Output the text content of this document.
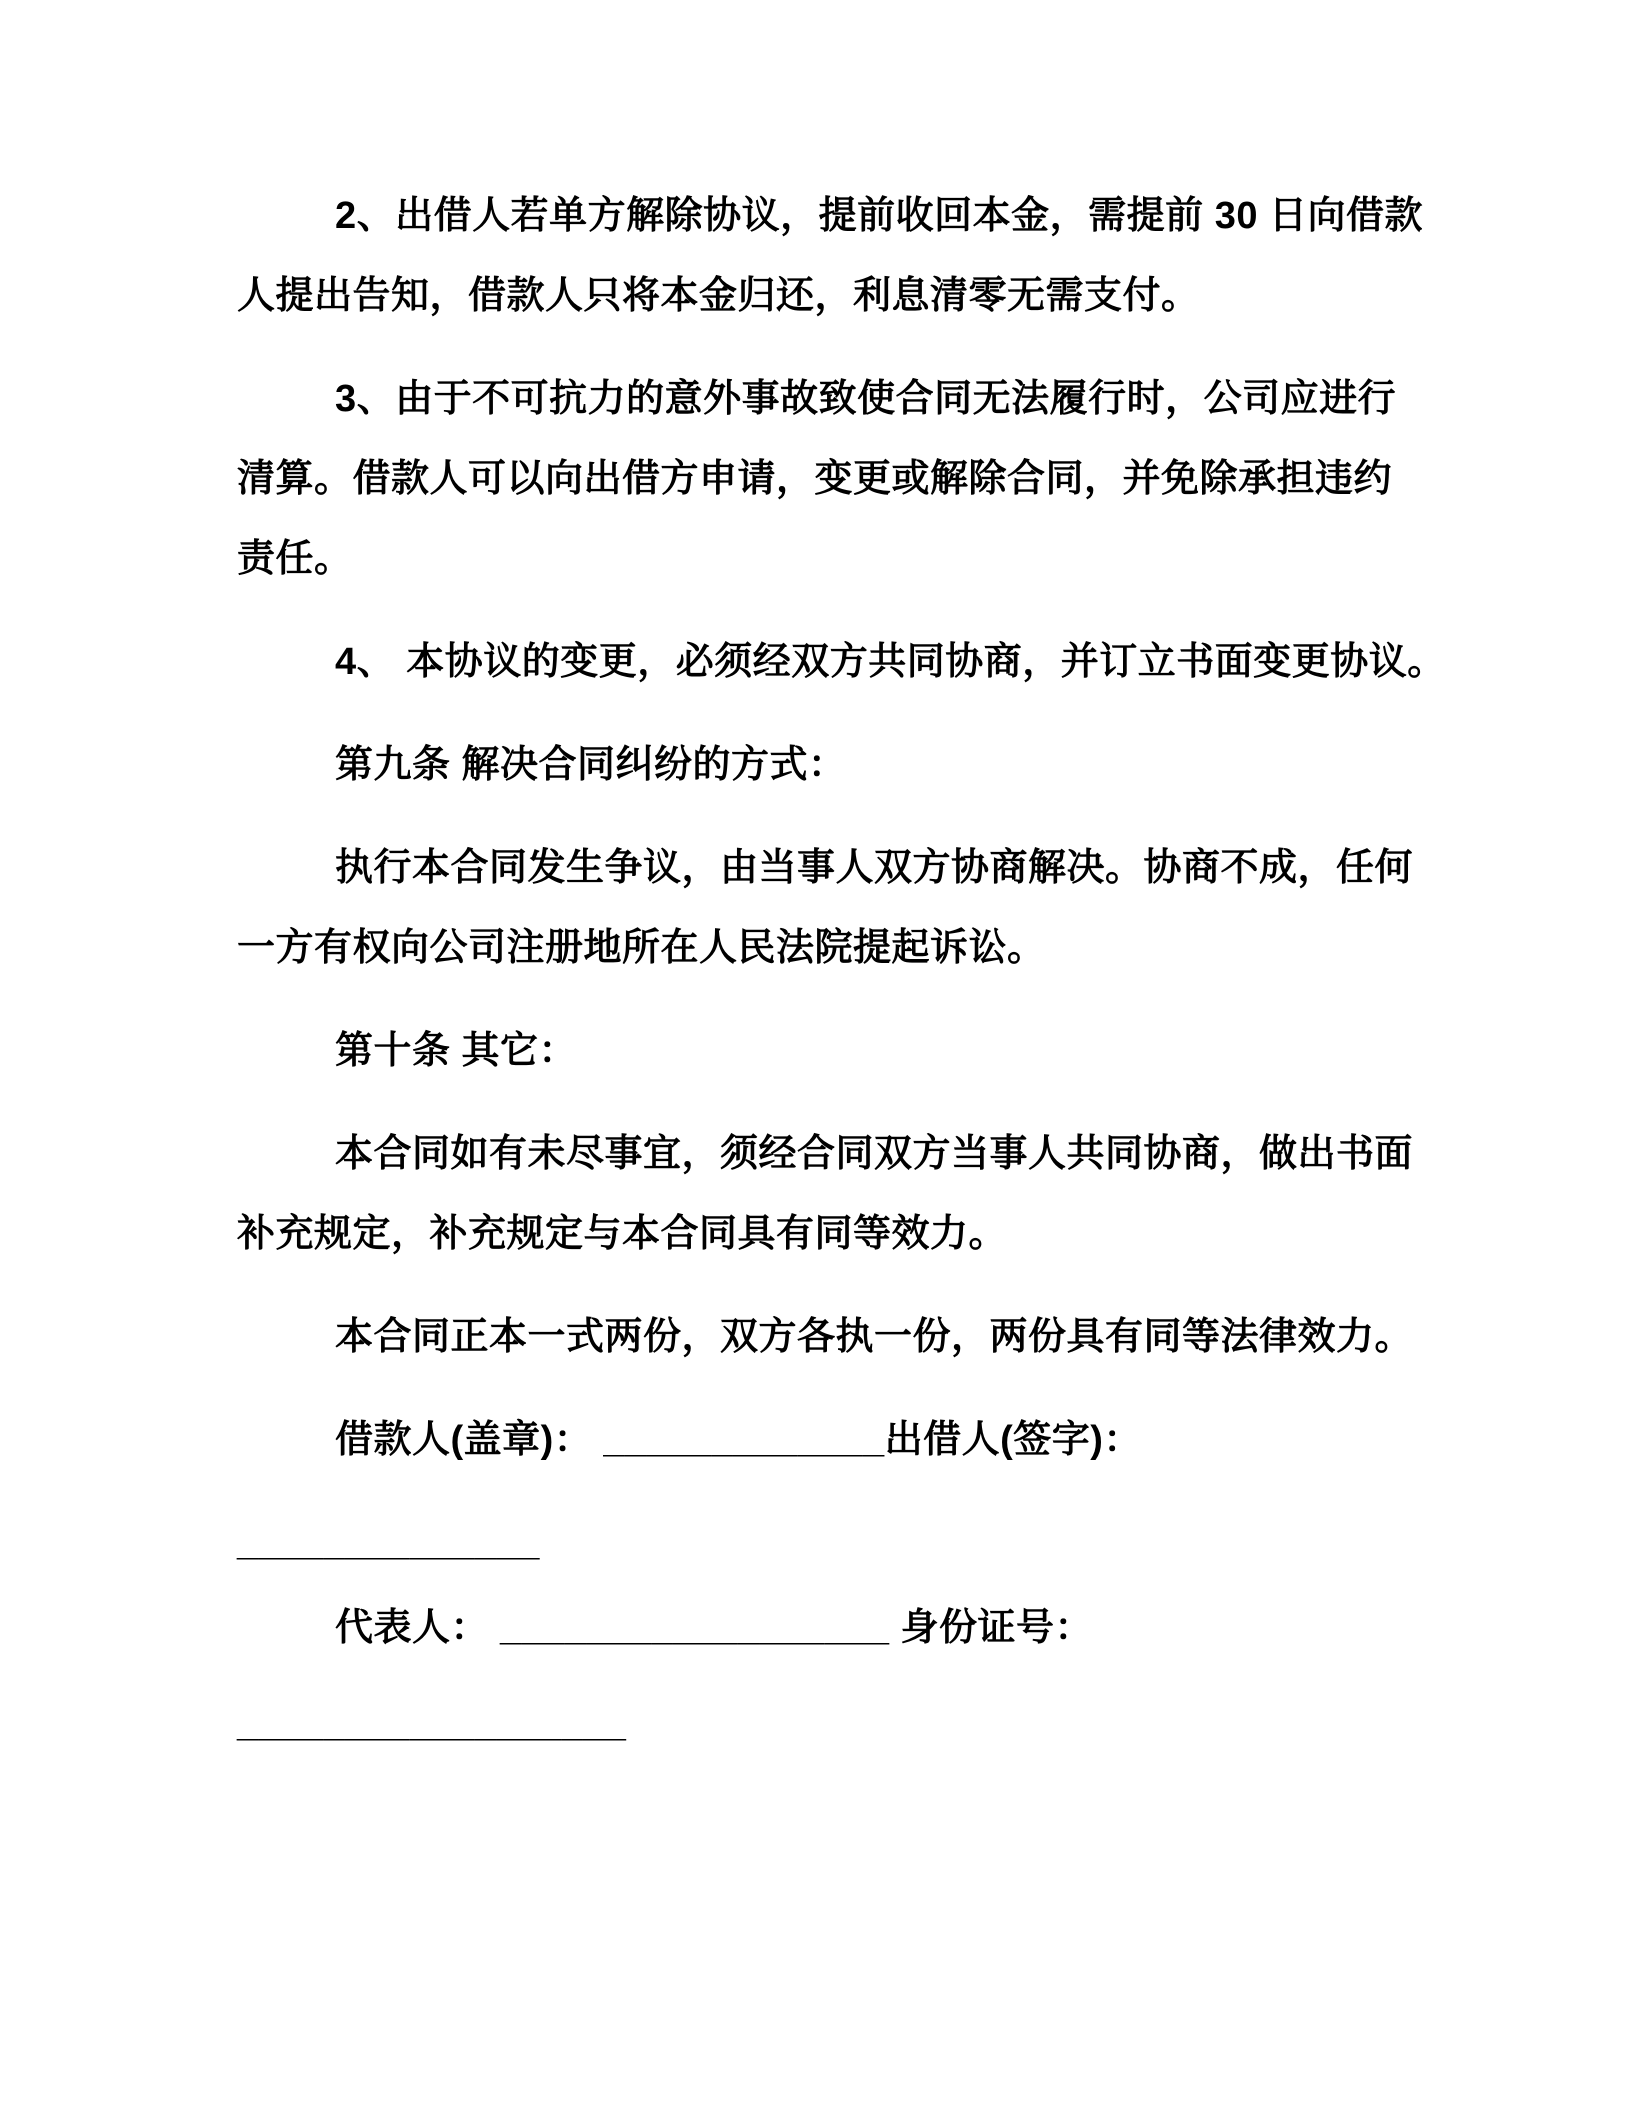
2、出借人若单方解除协议，提前收回本金，需提前 30 日向借款
人提出告知，借款人只将本金归还，利息清零无需支付。
3、由于不可抗力的意外事故致使合同无法履行时，公司应进行
清算。借款人可以向出借方申请，变更或解除合同，并免除承担违约
责任。
4、 本协议的变更，必须经双方共同协商，并订立书面变更协议。
第九条 解决合同纠纷的方式：
执行本合同发生争议，由当事人双方协商解决。协商不成，任何
一方有权向公司注册地所在人民法院提起诉讼。
第十条 其它：
本合同如有未尽事宜，须经合同双方当事人共同协商，做出书面
补充规定，补充规定与本合同具有同等效力。
本合同正本一式两份，双方各执一份，两份具有同等法律效力。
借款人(盖章)： _____________出借人(签字)：
______________
代表人： __________________ 身份证号：
__________________
